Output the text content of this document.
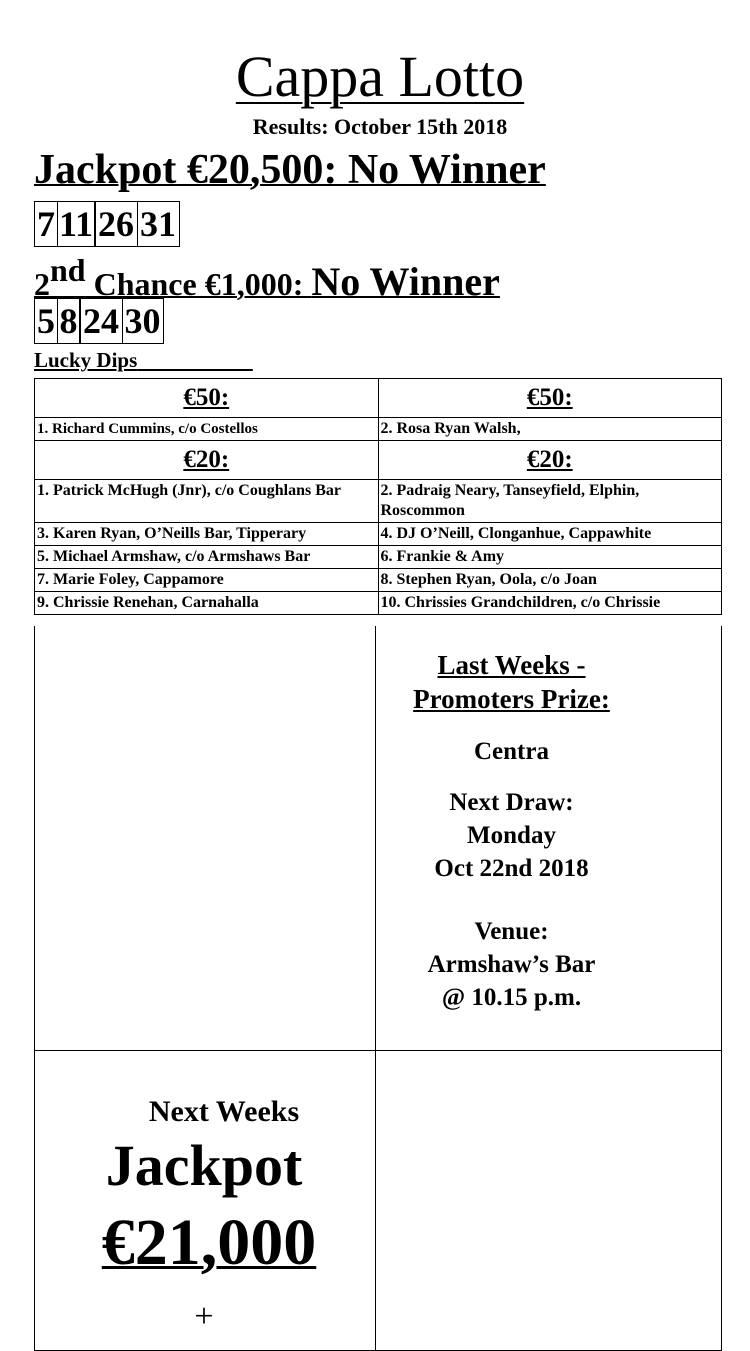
Cappa Lotto
Results: October 15th 2018
Jackpot €20,500: No Winner
7 11 26 31
2nd Chance €1,000: No Winner
5 8 24 30
Lucky Dips
€50:	€50:
1. Richard Cummins, c/o Costellos	2. Rosa Ryan Walsh,
€20:	€20:
1. Patrick McHugh (Jnr), c/o Coughlans Bar	2. Padraig Neary, Tanseyfield, Elphin, Roscommon
3. Karen Ryan, O’Neills Bar, Tipperary	4. DJ O’Neill, Clonganhue, Cappawhite
5. Michael Armshaw, c/o Armshaws Bar	6. Frankie & Amy
7. Marie Foley, Cappamore	8. Stephen Ryan, Oola, c/o Joan
9. Chrissie Renehan, Carnahalla	10. Chrissies Grandchildren, c/o Chrissie
Last Weeks -
Promoters Prize:
Centra
Next Draw:
Monday
Oct 22nd 2018
Venue:
Armshaw’s Bar
@ 10.15 p.m.
Next Weeks
Jackpot
€21,000
+
